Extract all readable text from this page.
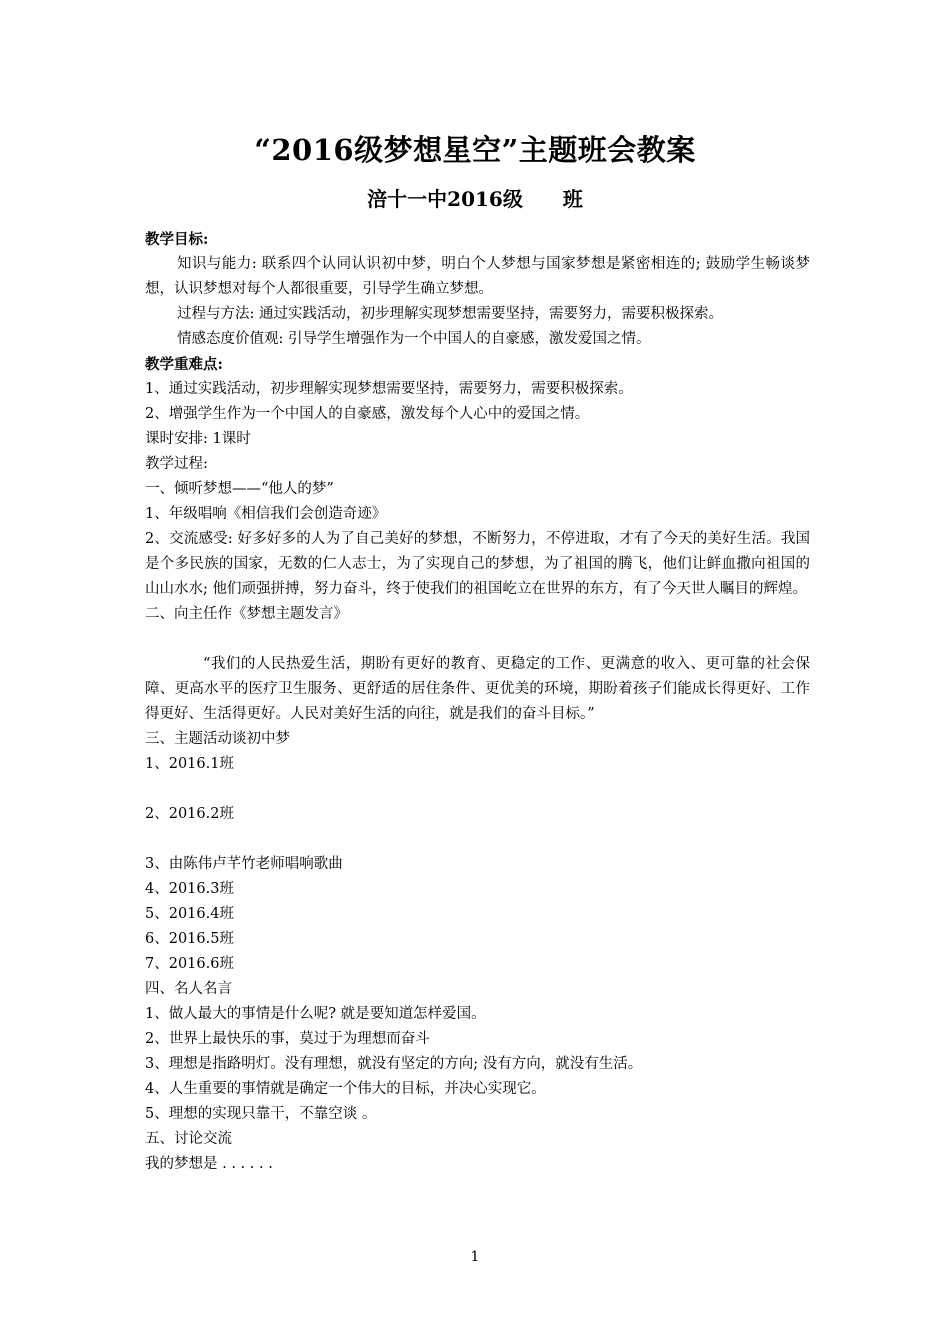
“2016级梦想星空”主题班会教案
涪十一中2016级　　班

教学目标:

知识与能力: 联系四个认同认识初中梦，明白个人梦想与国家梦想是紧密相连的; 鼓励学生畅谈梦想，认识梦想对每个人都很重要，引导学生确立梦想。

过程与方法: 通过实践活动，初步理解实现梦想需要坚持，需要努力，需要积极探索。

情感态度价值观: 引导学生增强作为一个中国人的自豪感，激发爱国之情。

教学重难点:

1、通过实践活动，初步理解实现梦想需要坚持，需要努力，需要积极探索。

2、增强学生作为一个中国人的自豪感，激发每个人心中的爱国之情。

课时安排: 1课时

教学过程:

一、倾听梦想——“他人的梦”

1、年级唱响《相信我们会创造奇迹》

2、交流感受: 好多好多的人为了自己美好的梦想，不断努力，不停进取，才有了今天的美好生活。我国是个多民族的国家，无数的仁人志士，为了实现自己的梦想，为了祖国的腾飞，他们让鲜血撒向祖国的山山水水; 他们顽强拼搏，努力奋斗，终于使我们的祖国屹立在世界的东方，有了今天世人瞩目的辉煌。

二、向主任作《梦想主题发言》

“我们的人民热爱生活，期盼有更好的教育、更稳定的工作、更满意的收入、更可靠的社会保障、更高水平的医疗卫生服务、更舒适的居住条件、更优美的环境，期盼着孩子们能成长得更好、工作得更好、生活得更好。人民对美好生活的向往，就是我们的奋斗目标。”

三、主题活动谈初中梦

1、2016.1班

2、2016.2班

3、由陈伟卢芊竹老师唱响歌曲

4、2016.3班

5、2016.4班

6、2016.5班

7、2016.6班

四、名人名言

1、做人最大的事情是什么呢? 就是要知道怎样爱国。

2、世界上最快乐的事，莫过于为理想而奋斗

3、理想是指路明灯。没有理想，就没有坚定的方向; 没有方向，就没有生活。

4、人生重要的事情就是确定一个伟大的目标，并决心实现它。

5、理想的实现只靠干，不靠空谈 。

五、讨论交流

我的梦想是 . . . . . .

1
